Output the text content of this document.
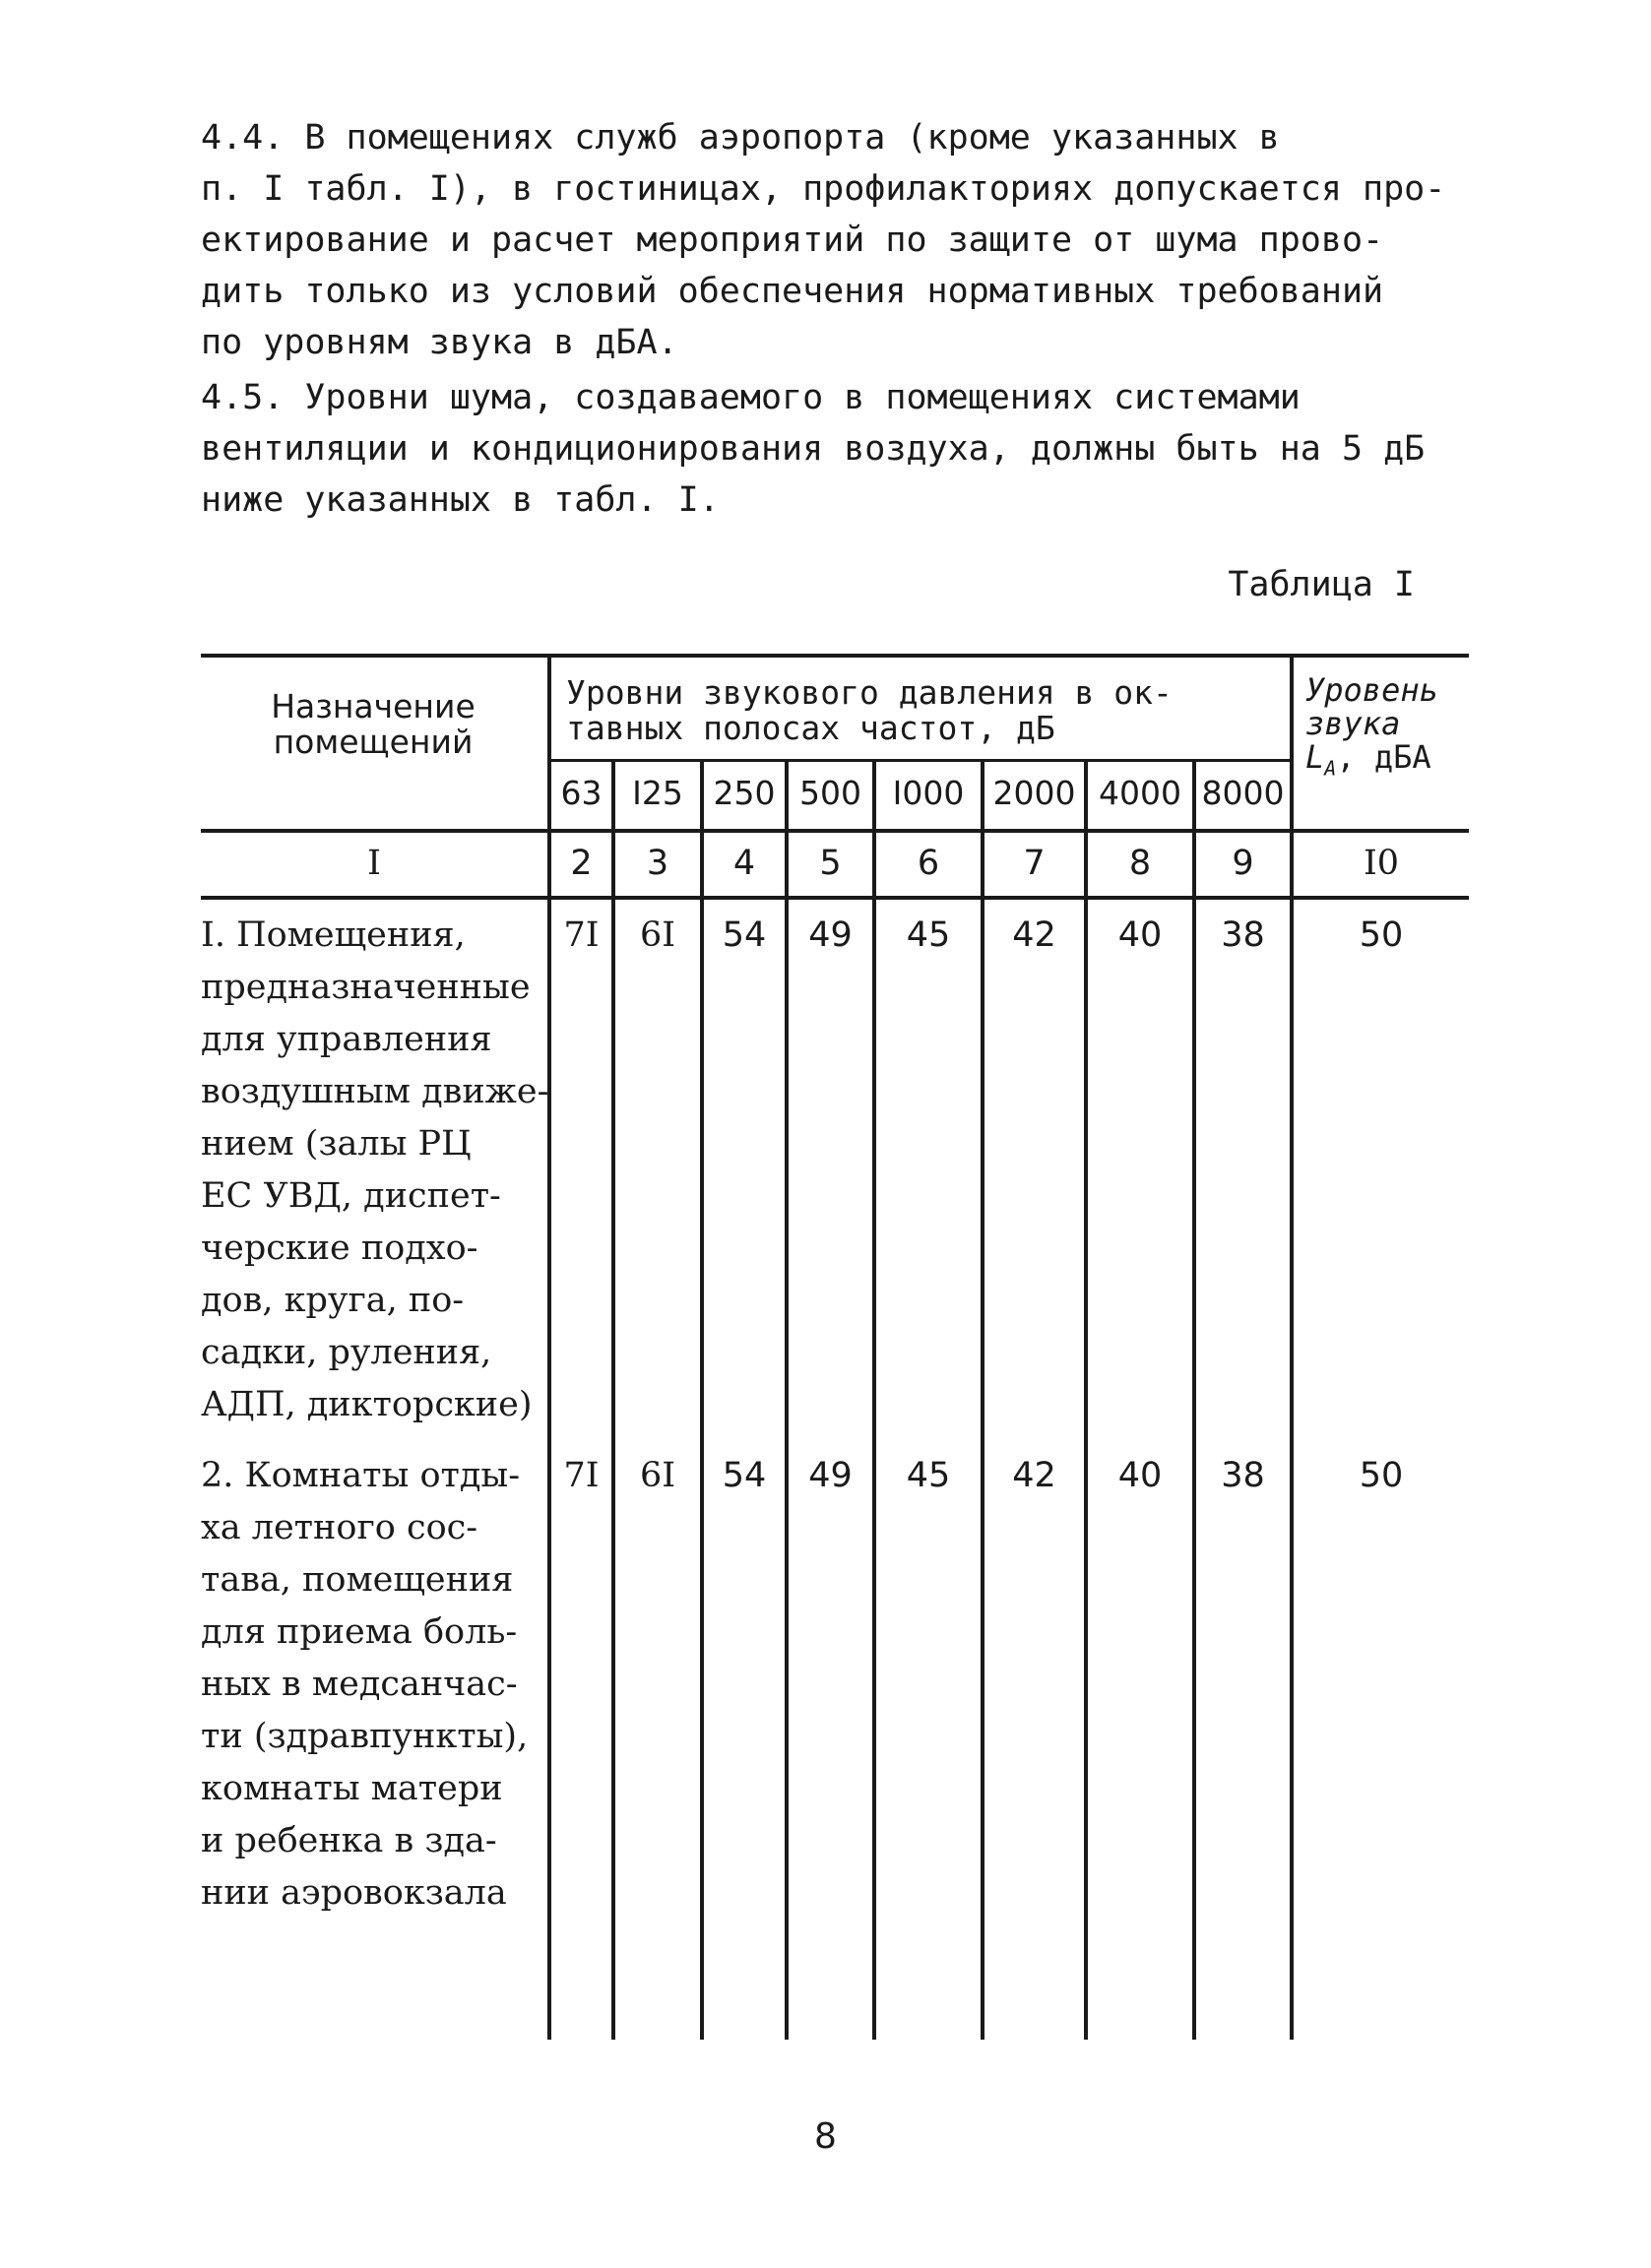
4.4. В помещениях служб аэропорта (кроме указанных в
п. I табл. I), в гостиницах, профилакториях допускается про-
ектирование и расчет мероприятий по защите от шума прово-
дить только из условий обеспечения нормативных требований
по уровням звука в дБА.

4.5. Уровни шума, создаваемого в помещениях системами
вентиляции и кондиционирования воздуха, должны быть на 5 дБ
ниже указанных в табл. I.

Таблица I
Назначение
помещений
Уровни звукового давления в ок-
тавных полосах частот, дБ
Уровень
звука
$L_А$, дБА
63 I25 250 500 I000 2000 4000 8000
I	2	3	4	5	6	7	8	9	I0
I. Помещения,
предназначенные
для управления
воздушным движе-
нием (залы РЦ
ЕС УВД, диспет-
черские подхо-
дов, круга, по-
садки, руления,
АДП, дикторские)
7I	6I	54	49	45	42	40	38	50
2. Комнаты отды-
ха летного сос-
тава, помещения
для приема боль-
ных в медсанчас-
ти (здравпункты),
комнаты матери
и ребенка в зда-
нии аэровокзала
7I	6I	54	49	45	42	40	38	50
8
